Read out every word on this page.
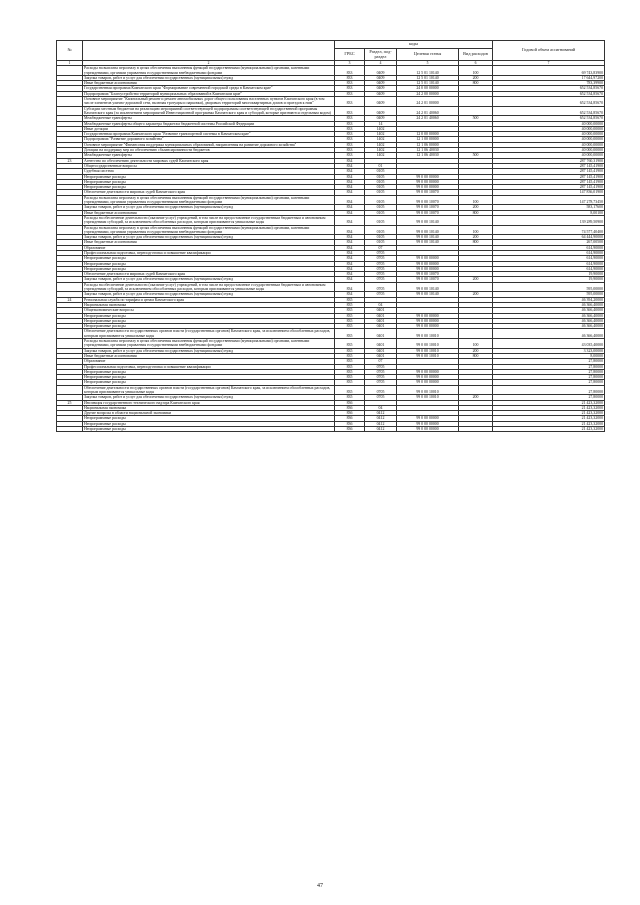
№		коды				Годовой объем ассигнований
		ГРБС	Раздел, под-раздел	Целевая статья	Вид расходов	
1	2	3	4	5	6	7
	Расходы на выплаты персоналу в целях обеспечения выполнения функций государственными (муниципальными) органами, казенными учреждениями, органами управления государственными внебюджетными фондами	833	0409	12 5 01 10140	100	69 743,83900
	Закупка товаров, работ и услуг для обеспечения государственных (муниципальных) нужд	833	0409	12 5 01 10140	200	17 644,97200
	Иные бюджетные ассигнования	833	0409	12 5 01 10140	800	783,39900
	Государственная программа Камчатского края "Формирование современной городской среды в Камчатском крае"	833	0409	24 0 00 00000		652 534,85670
	Подпрограмма "Благоустройство территорий муниципальных образований в Камчатском крае"	833	0409	24 2 00 00000		652 534,85670
	Основное мероприятие "Капитальный ремонт и ремонт автомобильных дорог общего пользования населенных пунктов Камчатского края (в том числе элементов улично-дорожной сети, включая тротуары и парковки), дворовых территорий многоквартирных домов и проездов к ним"	833	0409	24 2 01 00000		652 534,85670
	Субсидии местным бюджетам на реализацию мероприятий соответствующей подпрограммы соответствующей государственной программы Камчатского края (за исключением мероприятий Инвестиционной программы Камчатского края и субсидий, которые признаются отдельным кодом)	833	0409	24 2 01 40060		652 534,85670
	Межбюджетные трансферты	833	0409	24 2 01 40060	500	652 534,85670
	Межбюджетные трансферты общего характера бюджетам бюджетной системы Российской Федерации	833	14			40 000,00000
	Иные дотации	833	1402			40 000,00000
	Государственная программа Камчатского края "Развитие транспортной системы в Камчатском крае"	833	1402	12 0 00 00000		40 000,00000
	Подпрограмма "Развитие дорожного хозяйства"	833	1402	12 1 00 00000		40 000,00000
	Основное мероприятие "Финансовая поддержка муниципальных образований, направленная на развитие дорожного хозяйства"	833	1402	12 1 06 00000		40 000,00000
	Дотации на поддержку мер по обеспечению сбалансированности бюджетов	833	1402	12 1 06 40030		40 000,00000
	Межбюджетные трансферты	833	1402	12 1 06 40030	500	40 000,00000
23	Агентство по обеспечению деятельности мировых судей Камчатского края	834				287 760,31900
	Общегосударственные вопросы	834	01			287 145,41900
	Судебная система	834	0105			287 145,41900
	Непрограммные расходы	834	0105	99 0 00 00000		287 145,41900
	Непрограммные расходы	834	0105	99 0 00 00000		287 145,41900
	Непрограммные расходы	834	0105	99 0 00 00000		287 145,41900
	Обеспечение деятельности мировых судей Камчатского края	834	0105	99 0 00 10070		147 836,01900
	Расходы на выплаты персоналу в целях обеспечения выполнения функций государственными (муниципальными) органами, казенными учреждениями, органами управления государственными внебюджетными фондами	834	0105	99 0 00 10070	100	147 278,73450
	Закупка товаров, работ и услуг для обеспечения государственных (муниципальных) нужд	834	0105	99 0 00 10070	200	583,17600
	Иные бюджетные ассигнования	834	0105	99 0 00 10070	800	8,00100
	Расходы на обеспечение деятельности (оказание услуг) учреждений, в том числе на предоставление государственным бюджетным и автономным учреждениям субсидий, за исключением обособленных расходов, которым присваиваются уникальные коды	834	0105	99 0 00 10140		139 289,50900
	Расходы на выплаты персоналу в целях обеспечения выполнения функций государственными (муниципальными) органами, казенными учреждениями, органами управления государственными внебюджетными фондами	834	0105	99 0 00 10140	100	74 577,40400
	Закупка товаров, работ и услуг для обеспечения государственных (муниципальных) нужд	834	0105	99 0 00 10140	200	64 444,90000
	Иные бюджетные ассигнования	834	0105	99 0 00 10140	800	267,00500
	Образование	834	07			614,90000
	Профессиональная подготовка, переподготовка и повышение квалификации	834	0705			614,90000
	Непрограммные расходы	834	0705	99 0 00 00000		614,90000
	Непрограммные расходы	834	0705	99 0 00 00000		614,90000
	Непрограммные расходы	834	0705	99 0 00 00000		614,90000
	Обеспечение деятельности мировых судей Камчатского края	834	0705	99 0 00 10070		19,90000
	Закупка товаров, работ и услуг для обеспечения государственных (муниципальных) нужд	834	0705	99 0 00 10070	200	19,90000
	Расходы на обеспечение деятельности (оказание услуг) учреждений, в том числе на предоставление государственным бюджетным и автономным учреждениям субсидий, за исключением обособленных расходов, которым присваиваются уникальные коды	834	0705	99 0 00 10140		595,00000
	Закупка товаров, работ и услуг для обеспечения государственных (муниципальных) нужд	834	0705	99 0 00 10140	200	595,00000
24	Региональная служба по тарифам и ценам Камчатского края	835				46 394,20000
	Национальная экономика	835	04			46 366,40000
	Общеэкономические вопросы	835	0401			46 366,40000
	Непрограммные расходы	835	0401	99 0 00 00000		46 366,40000
	Непрограммные расходы	835	0401	99 0 00 00000		46 366,40000
	Непрограммные расходы	835	0401	99 0 00 00000		46 366,40000
	Обеспечение деятельности государственных органов власти (государственных органов) Камчатского края, за исключением обособленных расходов, которым присваиваются уникальные коды	835	0401	99 0 00 10010		46 366,40000
	Расходы на выплаты персоналу в целях обеспечения выполнения функций государственными (муниципальными) органами, казенными учреждениями, органами управления государственными внебюджетными фондами	835	0401	99 0 00 10010	100	43 035,40000
	Закупка товаров, работ и услуг для обеспечения государственных (муниципальных) нужд	835	0401	99 0 00 10010	200	3 323,00000
	Иные бюджетные ассигнования	835	0401	99 0 00 10010	800	8,00000
	Образование	835	07			27,80000
	Профессиональная подготовка, переподготовка и повышение квалификации	835	0705			27,80000
	Непрограммные расходы	835	0705	99 0 00 00000		27,80000
	Непрограммные расходы	835	0705	99 0 00 00000		27,80000
	Непрограммные расходы	835	0705	99 0 00 00000		27,80000
	Обеспечение деятельности государственных органов власти (государственных органов) Камчатского края, за исключением обособленных расходов, которым присваиваются уникальные коды	835	0705	99 0 00 10010		27,80000
	Закупка товаров, работ и услуг для обеспечения государственных (муниципальных) нужд	835	0705	99 0 00 10010	200	27,80000
25	Инспекция государственного технического надзора Камчатского края	836				21 423,32000
	Национальная экономика	836	04			21 423,32000
	Другие вопросы в области национальной экономики	836	0412			21 423,32000
	Непрограммные расходы	836	0412	99 0 00 00000		21 423,32000
	Непрограммные расходы	836	0412	99 0 00 00000		21 423,32000
	Непрограммные расходы	836	0412	99 0 00 00000		21 423,32000
47
